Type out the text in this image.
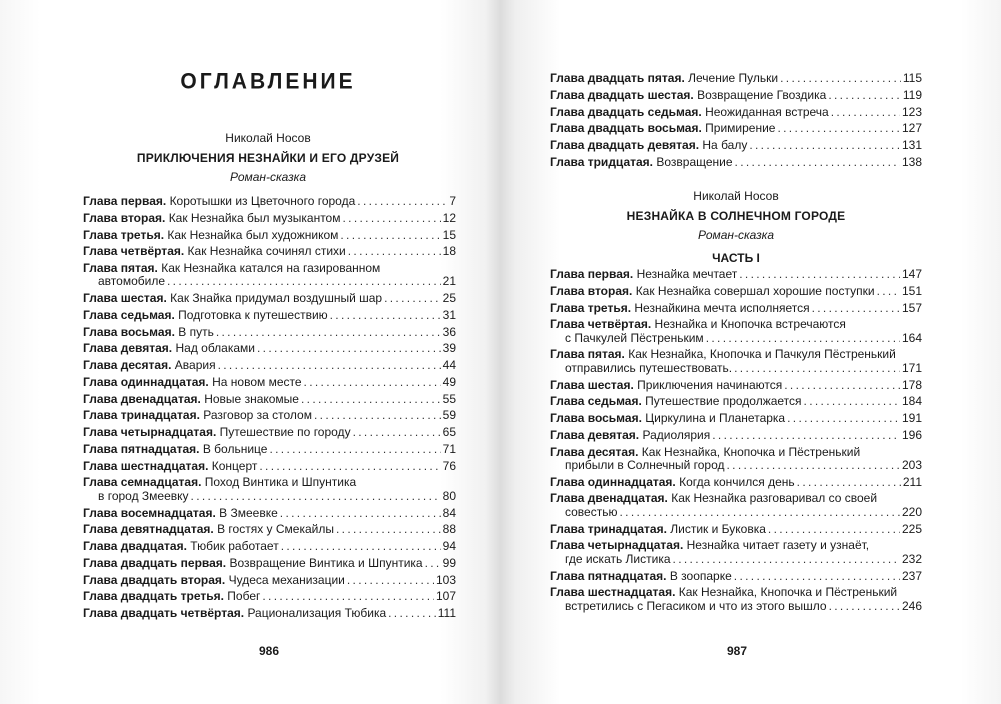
ОГЛАВЛЕНИЕ
Николай Носов
ПРИКЛЮЧЕНИЯ НЕЗНАЙКИ И ЕГО ДРУЗЕЙ
Роман-сказка
Глава первая. Коротышки из Цветочного города . . .	7
Глава вторая. Как Незнайка был музыкантом . . .	12
Глава третья. Как Незнайка был художником . . .	15
Глава четвёртая. Как Незнайка сочинял стихи . . .	18
Глава пятая. Как Незнайка катался на газированном
автомобиле . . .	21
Глава шестая. Как Знайка придумал воздушный шар . . .	25
Глава седьмая. Подготовка к путешествию . . .	31
Глава восьмая. В путь . . .	36
Глава девятая. Над облаками . . .	39
Глава десятая. Авария . . .	44
Глава одиннадцатая. На новом месте . . .	49
Глава двенадцатая. Новые знакомые . . .	55
Глава тринадцатая. Разговор за столом . . .	59
Глава четырнадцатая. Путешествие по городу . . .	65
Глава пятнадцатая. В больнице . . .	71
Глава шестнадцатая. Концерт . . .	76
Глава семнадцатая. Поход Винтика и Шпунтика
в город Змеевку . . .	80
Глава восемнадцатая. В Змеевке . . .	84
Глава девятнадцатая. В гостях у Смекайлы . . .	88
Глава двадцатая. Тюбик работает . . .	94
Глава двадцать первая. Возвращение Винтика и Шпунтика . . . 99
Глава двадцать вторая. Чудеса механизации . . .	103
Глава двадцать третья. Побег . . .	107
Глава двадцать четвёртая. Рационализация Тюбика . . .	111
986
Глава двадцать пятая. Лечение Пульки . . .	115
Глава двадцать шестая. Возвращение Гвоздика . . .	119
Глава двадцать седьмая. Неожиданная встреча . . .	123
Глава двадцать восьмая. Примирение . . .	127
Глава двадцать девятая. На балу . . .	131
Глава тридцатая. Возвращение . . .	138
Николай Носов
НЕЗНАЙКА В СОЛНЕЧНОМ ГОРОДЕ
Роман-сказка
ЧАСТЬ I
Глава первая. Незнайка мечтает . . .	147
Глава вторая. Как Незнайка совершал хорошие поступки . . . 151
Глава третья. Незнайкина мечта исполняется . . .	157
Глава четвёртая. Незнайка и Кнопочка встречаются
с Пачкулей Пёстреньким . . .	164
Глава пятая. Как Незнайка, Кнопочка и Пачкуля Пёстренький
отправились путешествовать. . . .	171
Глава шестая. Приключения начинаются . . .	178
Глава седьмая. Путешествие продолжается . . .	184
Глава восьмая. Циркулина и Планетарка . . .	191
Глава девятая. Радиолярия . . .	196
Глава десятая. Как Незнайка, Кнопочка и Пёстренький
прибыли в Солнечный город . . .	203
Глава одиннадцатая. Когда кончился день . . .	211
Глава двенадцатая. Как Незнайка разговаривал со своей
совестью . . .	220
Глава тринадцатая. Листик и Буковка . . .	225
Глава четырнадцатая. Незнайка читает газету и узнаёт,
где искать Листика . . .	232
Глава пятнадцатая. В зоопарке . . .	237
Глава шестнадцатая. Как Незнайка, Кнопочка и Пёстренький
встретились с Пегасиком и что из этого вышло . . .	246
987
